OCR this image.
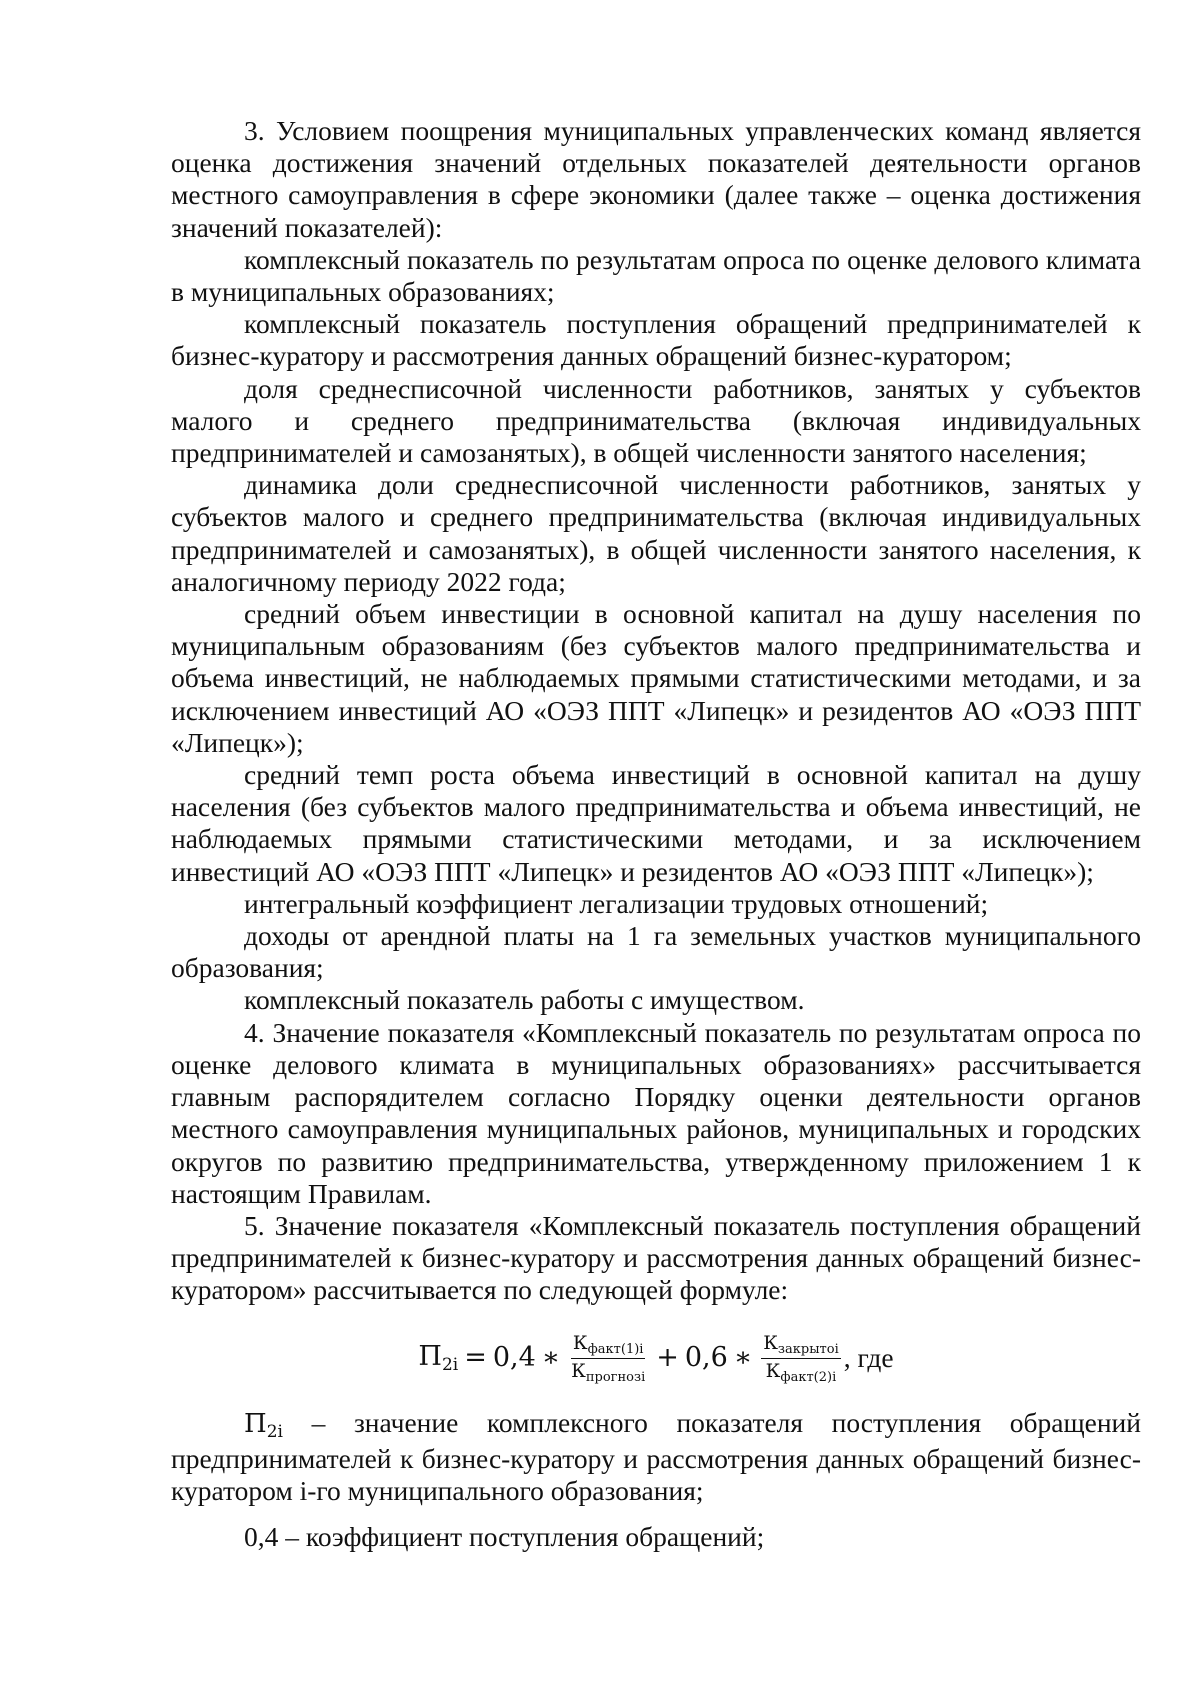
3. Условием поощрения муниципальных управленческих команд является оценка достижения значений отдельных показателей деятельности органов местного самоуправления в сфере экономики (далее также – оценка достижения значений показателей):

комплексный показатель по результатам опроса по оценке делового климата в муниципальных образованиях;

комплексный показатель поступления обращений предпринимателей к бизнес-куратору и рассмотрения данных обращений бизнес-куратором;

доля среднесписочной численности работников, занятых у субъектов малого и среднего предпринимательства (включая индивидуальных предпринимателей и самозанятых), в общей численности занятого населения;

динамика доли среднесписочной численности работников, занятых у субъектов малого и среднего предпринимательства (включая индивидуальных предпринимателей и самозанятых), в общей численности занятого населения, к аналогичному периоду 2022 года;

средний объем инвестиции в основной капитал на душу населения по муниципальным образованиям (без субъектов малого предпринимательства и объема инвестиций, не наблюдаемых прямыми статистическими методами, и за исключением инвестиций АО «ОЭЗ ППТ «Липецк» и резидентов АО «ОЭЗ ППТ «Липецк»);

средний темп роста объема инвестиций в основной капитал на душу населения (без субъектов малого предпринимательства и объема инвестиций, не наблюдаемых прямыми статистическими методами, и за исключением инвестиций АО «ОЭЗ ППТ «Липецк» и резидентов АО «ОЭЗ ППТ «Липецк»);

интегральный коэффициент легализации трудовых отношений;

доходы от арендной платы на 1 га земельных участков муниципального образования;

комплексный показатель работы с имуществом.

4. Значение показателя «Комплексный показатель по результатам опроса по оценке делового климата в муниципальных образованиях» рассчитывается главным распорядителем согласно Порядку оценки деятельности органов местного самоуправления муниципальных районов, муниципальных и городских округов по развитию предпринимательства, утвержденному приложением 1 к настоящим Правилам.

5. Значение показателя «Комплексный показатель поступления обращений предпринимателей к бизнес-куратору и рассмотрения данных обращений бизнес-куратором» рассчитывается по следующей формуле:

П2i = 0,4 ∗ $\frac{К_{факт(1)i}}{К_{прогнозi}} + 0,6$ ∗ $\frac{К_{закрытоi}}{К_{факт(2)i}}$ , где

П2i – значение комплексного показателя поступления обращений предпринимателей к бизнес-куратору и рассмотрения данных обращений бизнес-куратором i-го муниципального образования;

0,4 – коэффициент поступления обращений;
